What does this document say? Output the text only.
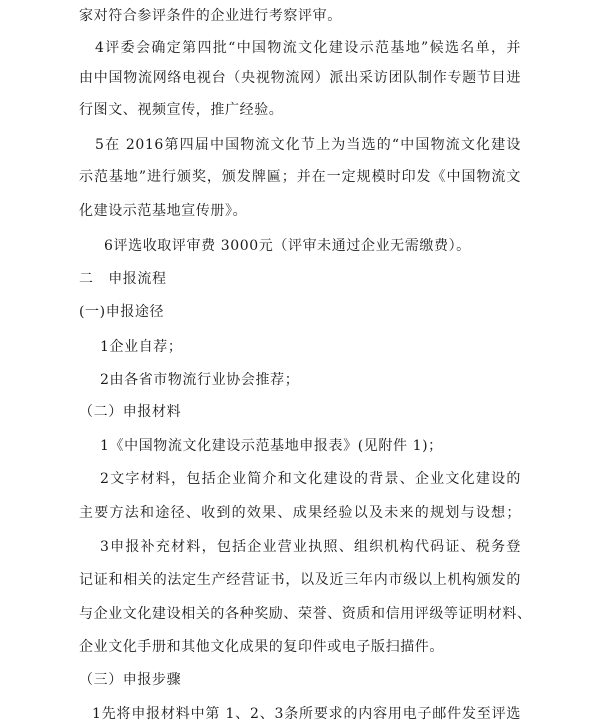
家对符合参评条件的企业进行考察评审。
4评委会确定第四批“中国物流文化建设示范基地”候选名单，并
由中国物流网络电视台（央视物流网）派出采访团队制作专题节目进
行图文、视频宣传，推广经验。
5在 2016第四届中国物流文化节上为当选的“中国物流文化建设
示范基地”进行颁奖，颁发牌匾；并在一定规模时印发《中国物流文
化建设示范基地宣传册》。
6评选收取评审费 3000元（评审未通过企业无需缴费）。
二　申报流程
(一)申报途径
1企业自荐；
2由各省市物流行业协会推荐；
（二）申报材料
1《中国物流文化建设示范基地申报表》(见附件 1)；
2文字材料，包括企业简介和文化建设的背景、企业文化建设的
主要方法和途径、收到的效果、成果经验以及未来的规划与设想；
3申报补充材料，包括企业营业执照、组织机构代码证、税务登
记证和相关的法定生产经营证书，以及近三年内市级以上机构颁发的
与企业文化建设相关的各种奖励、荣誉、资质和信用评级等证明材料、
企业文化手册和其他文化成果的复印件或电子版扫描件。
（三）申报步骤
1先将申报材料中第 1、2、3条所要求的内容用电子邮件发至评选
